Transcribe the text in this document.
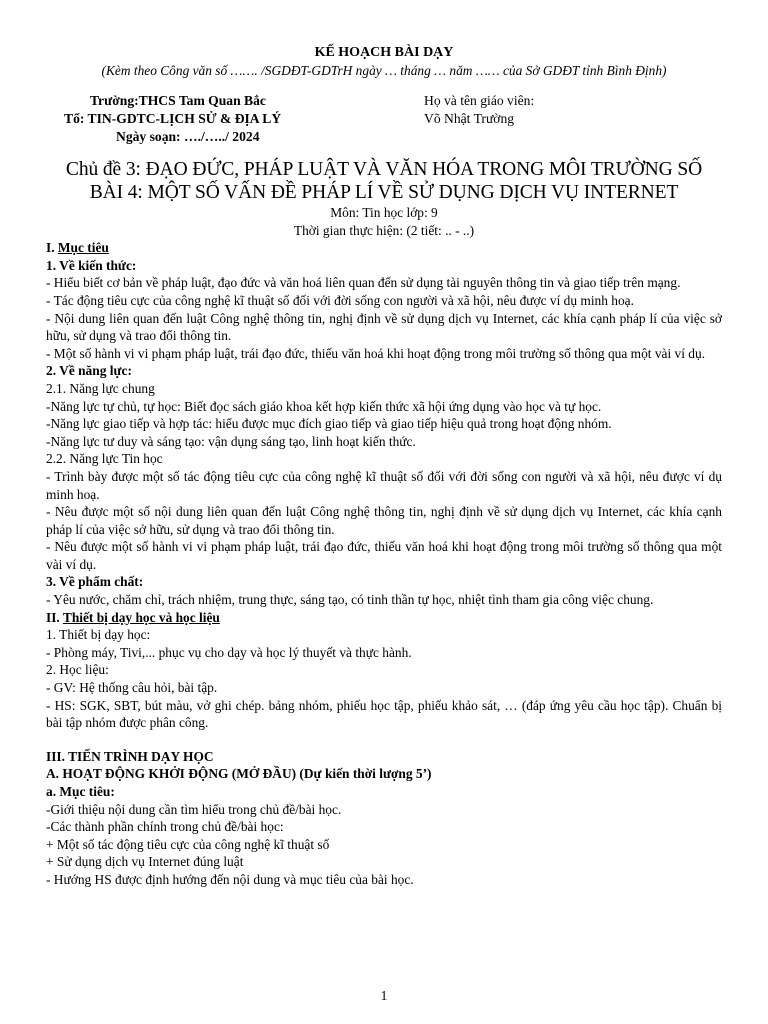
KẾ HOẠCH BÀI DẠY
(Kèm theo Công văn số ……. /SGDĐT-GDTrH ngày … tháng … năm …… của Sở GDĐT tỉnh Bình Định)
Trường:THCS Tam Quan Bắc
Tổ: TIN-GDTC-LỊCH SỬ & ĐỊA LÝ
Ngày soạn: …./…../ 2024
Họ và tên giáo viên:
Võ Nhật Trường
Chủ đề 3: ĐẠO ĐỨC, PHÁP LUẬT VÀ VĂN HÓA TRONG MÔI TRƯỜNG SỐ
BÀI 4: MỘT SỐ VẤN ĐỀ PHÁP LÍ VỀ SỬ DỤNG DỊCH VỤ INTERNET
Môn: Tin học lớp: 9
Thời gian thực hiện: (2 tiết: .. - ..)
I. Mục tiêu
1. Về kiến thức:
- Hiểu biết cơ bản về pháp luật, đạo đức và văn hoá liên quan đến sử dụng tài nguyên thông tin và giao tiếp trên mạng.
- Tác động tiêu cực của công nghệ kĩ thuật số đối với đời sống con người và xã hội, nêu được ví dụ minh hoạ.
- Nội dung liên quan đến luật Công nghệ thông tin, nghị định về sử dụng dịch vụ Internet, các khía cạnh pháp lí của việc sở hữu, sử dụng và trao đổi thông tin.
- Một số hành vi vi phạm pháp luật, trái đạo đức, thiếu văn hoá khi hoạt động trong môi trường số thông qua một vài ví dụ.
2. Về năng lực:
2.1. Năng lực chung
-Năng lực tự chủ, tự học: Biết đọc sách giáo khoa kết hợp kiến thức xã hội ứng dụng vào học và tự học.
-Năng lực giao tiếp và hợp tác: hiểu được mục đích giao tiếp và giao tiếp hiệu quả trong hoạt động nhóm.
-Năng lực tư duy và sáng tạo: vận dụng sáng tạo, linh hoạt kiến thức.
2.2. Năng lực Tin học
- Trình bày được một số tác động tiêu cực của công nghệ kĩ thuật số đối với đời sống con người và xã hội, nêu được ví dụ minh hoạ.
- Nêu được một số nội dung liên quan đến luật Công nghệ thông tin, nghị định về sử dụng dịch vụ Internet, các khía cạnh pháp lí của việc sở hữu, sử dụng và trao đổi thông tin.
- Nêu được một số hành vi vi phạm pháp luật, trái đạo đức, thiếu văn hoá khi hoạt động trong môi trường số thông qua một vài ví dụ.
3. Về phẩm chất:
- Yêu nước, chăm chỉ, trách nhiệm, trung thực, sáng tạo, có tinh thần tự học, nhiệt tình tham gia công việc chung.
II. Thiết bị dạy học và học liệu
1. Thiết bị dạy học:
- Phòng máy, Tivi,... phục vụ cho dạy và học lý thuyết và thực hành.
2. Học liệu:
- GV: Hệ thống câu hỏi, bài tập.
- HS: SGK, SBT, bút màu, vở ghi chép. bảng nhóm, phiếu học tập, phiếu khảo sát, … (đáp ứng yêu cầu học tập). Chuẩn bị bài tập nhóm được phân công.
III. TIẾN TRÌNH DẠY HỌC
A. HOẠT ĐỘNG KHỞI ĐỘNG (MỞ ĐẦU) (Dự kiến thời lượng 5’)
a. Mục tiêu:
-Giới thiệu nội dung cần tìm hiểu trong chủ đề/bài học.
-Các thành phần chính trong chủ đề/bài học:
+ Một số tác động tiêu cực của công nghệ kĩ thuật số
+ Sử dụng dịch vụ Internet đúng luật
- Hướng HS được định hướng đến nội dung và mục tiêu của bài học.
1
